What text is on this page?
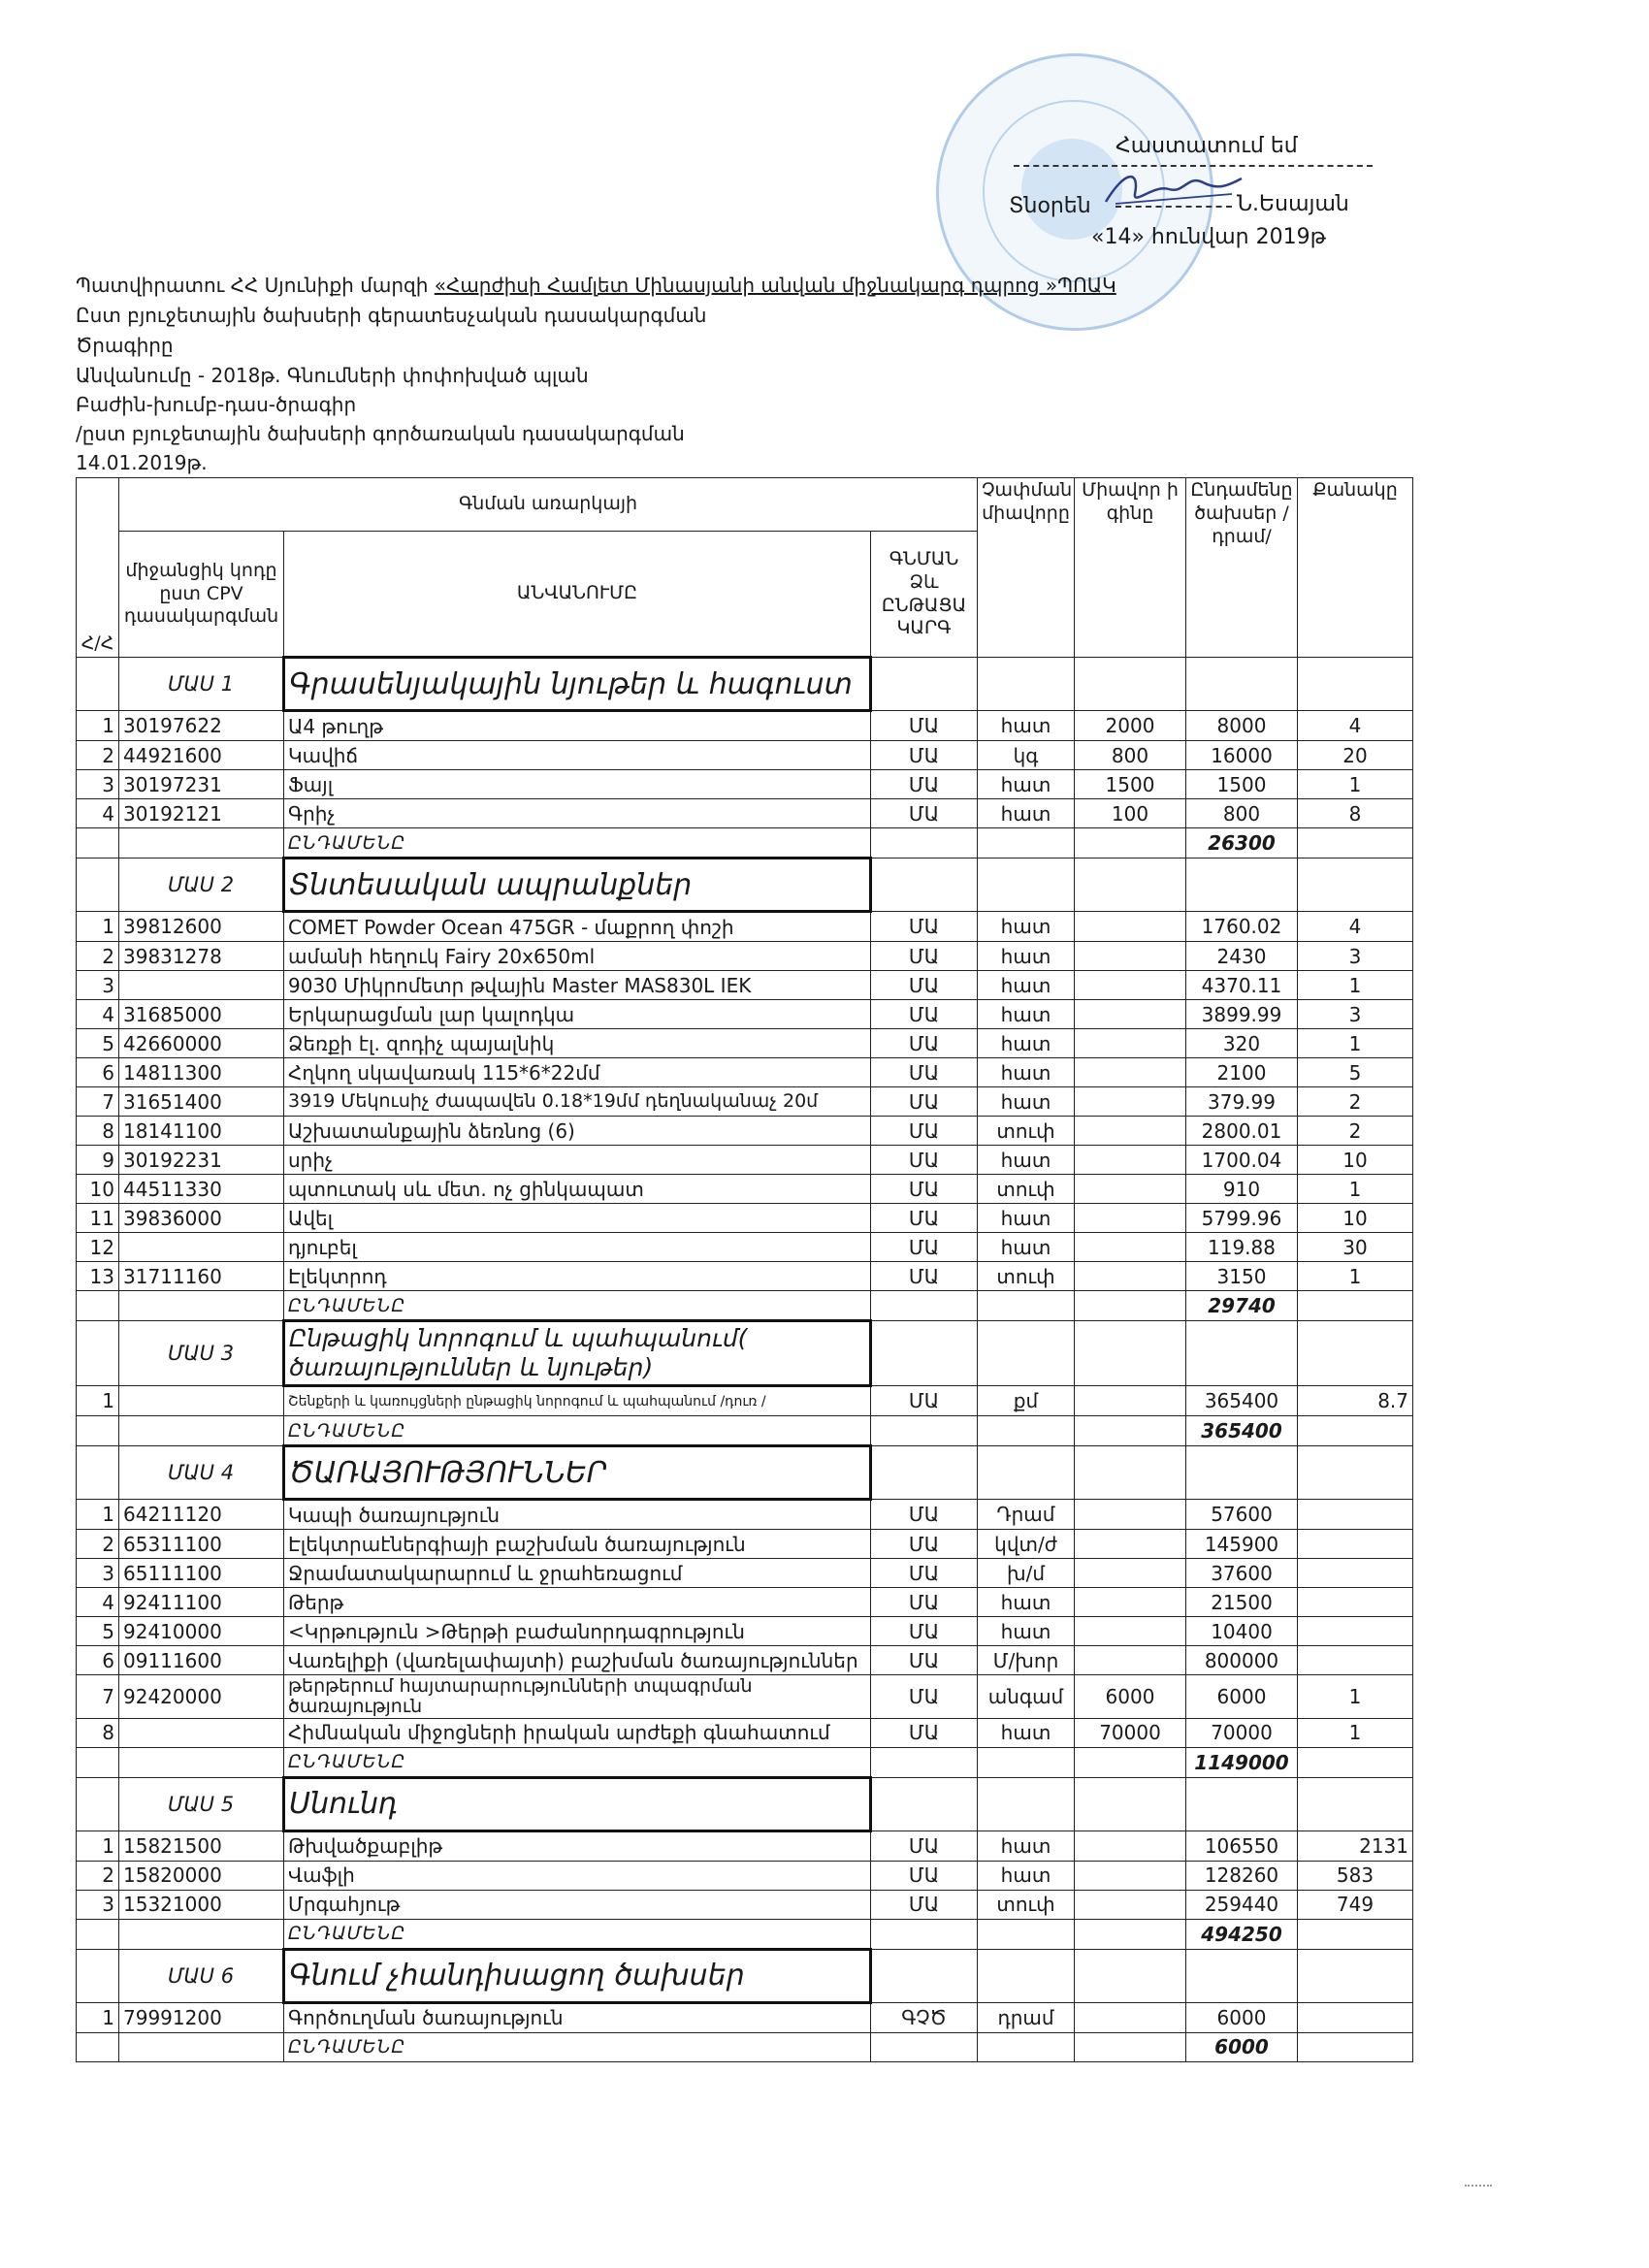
Հաստատում եմ
Տնօրեն	Ն.Եսայան
«14» հունվար 2019թ
Պատվիրատու ՀՀ Սյունիքի մարզի «Հարժիսի Համլետ Մինասյանի անվան միջնակարգ դպրոց »ՊՈԱԿ
Ըստ բյուջետային ծախսերի գերատեսչական դասակարգման
Ծրագիրը
Անվանումը - 2018թ. Գնումների փոփոխված պլան
Բաժին-խումբ-դաս-ծրագիր
/ըստ բյուջետային ծախսերի գործառական դասակարգման
14.01.2019թ.
Հ/Հ	Գնման առարկայի			Չափման միավորը	Միավոր ի գինը	Ընդամենը ծախսեր / դրամ/	Քանակը
	միջանցիկ կոդը ըստ CPV դասակարգման	ԱՆՎԱՆՈՒՄԸ	ԳՆՄԱՆ Ձև ԸՆԹԱՑԱ ԿԱՐԳ				
	ՄԱՍ 1	Գրասենյակային նյութեր և հագուստ					
1	30197622	Ա4 թուղթ	ՄԱ	հատ	2000	8000	4
2	44921600	Կավիճ	ՄԱ	կգ	800	16000	20
3	30197231	Ֆայլ	ՄԱ	հատ	1500	1500	1
4	30192121	Գրիչ	ՄԱ	հատ	100	800	8
		ԸՆԴԱՄԵՆԸ				26300	
	ՄԱՍ 2	Տնտեսական ապրանքներ					
1	39812600	COMET Powder Ocean 475GR - մաքրող փոշի	ՄԱ	հատ		1760.02	4
2	39831278	ամանի հեղուկ Fairy 20x650ml	ՄԱ	հատ		2430	3
3		9030 Միկրոմետր թվային Master MAS830L IEK	ՄԱ	հատ		4370.11	1
4	31685000	Երկարացման լար կալոդկա	ՄԱ	հատ		3899.99	3
5	42660000	Ձեռքի էլ. զոդիչ պայալնիկ	ՄԱ	հատ		320	1
6	14811300	Հղկող սկավառակ 115*6*22մմ	ՄԱ	հատ		2100	5
7	31651400	3919 Մեկուսիչ ժապավեն 0.18*19մմ դեղնականաչ 20մ	ՄԱ	հատ		379.99	2
8	18141100	Աշխատանքային ձեռնոց (6)	ՄԱ	տուփ		2800.01	2
9	30192231	սրիչ	ՄԱ	հատ		1700.04	10
10	44511330	պտուտակ սև մետ. ոչ ցինկապատ	ՄԱ	տուփ		910	1
11	39836000	Ավել	ՄԱ	հատ		5799.96	10
12		դյուբել	ՄԱ	հատ		119.88	30
13	31711160	Էլեկտրոդ	ՄԱ	տուփ		3150	1
		ԸՆԴԱՄԵՆԸ				29740	
	ՄԱՍ 3	Ընթացիկ նորոգում և պահպանում( ծառայություններ և նյութեր)					
1		Շենքերի և կառույցների ընթացիկ նորոգում և պահպանում /դուռ /	ՄԱ	քմ		365400	8.7
		ԸՆԴԱՄԵՆԸ				365400	
	ՄԱՍ 4	ԾԱՌԱՅՈՒԹՅՈՒՆՆԵՐ					
1	64211120	Կապի ծառայություն	ՄԱ	Դրամ		57600	
2	65311100	Էլեկտրաէներգիայի բաշխման ծառայություն	ՄԱ	կվտ/ժ		145900	
3	65111100	Ջրամատակարարում և ջրահեռացում	ՄԱ	խ/մ		37600	
4	92411100	Թերթ	ՄԱ	հատ		21500	
5	92410000	<Կրթություն >Թերթի բաժանորդագրություն	ՄԱ	հատ		10400	
6	09111600	Վառելիքի (վառելափայտի) բաշխման ծառայություններ	ՄԱ	Մ/խոր		800000	
7	92420000	թերթերում հայտարարությունների տպագրման ծառայություն	ՄԱ	անգամ	6000	6000	1
8		Հիմնական միջոցների իրական արժեքի գնահատում	ՄԱ	հատ	70000	70000	1
		ԸՆԴԱՄԵՆԸ				1149000	
	ՄԱՍ 5	Սնունդ					
1	15821500	Թխվածքաբլիթ	ՄԱ	հատ		106550	2131
2	15820000	Վաֆլի	ՄԱ	հատ		128260	583
3	15321000	Մրգահյութ	ՄԱ	տուփ		259440	749
		ԸՆԴԱՄԵՆԸ				494250	
	ՄԱՍ 6	Գնում չհանդիսացող ծախսեր					
1	79991200	Գործուղման ծառայություն	ԳՉԾ	դրամ		6000	
		ԸՆԴԱՄԵՆԸ				6000	
